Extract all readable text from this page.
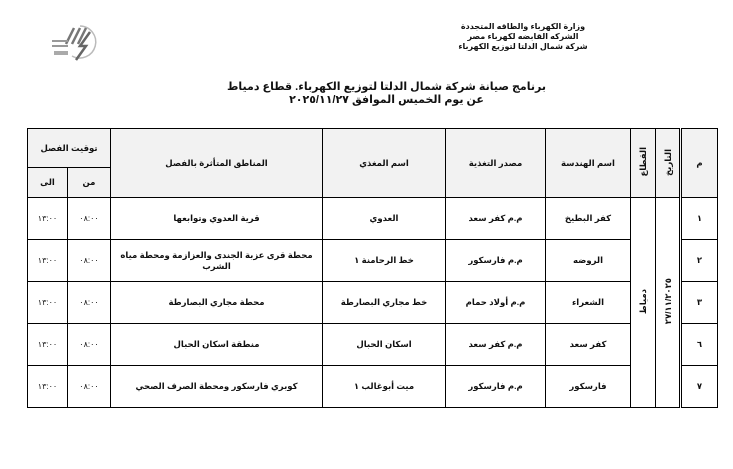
وزارة الكهرباء والطاقه المتجددة
الشركه القابضه لكهرباء مصر
شركة شمال الدلتا لتوزيع الكهرباء
برنامج صيانة شركة شمال الدلتا لتوزيع الكهرباء. قطاع دمياط
عن يوم الخميس الموافق ٢٠٢٥/١١/٢٧
م	التاريخ	القطاع	اسم الهندسة	مصدر التغذية	اسم المغذي	المناطق المتأثرة بالفصل	توقيت الفصل	
							من	الى
١	٢٧/١١/٢٠٢٥	دمياط	كفر البطيخ	م.م كفر سعد	العدوي	قرية العدوي وتوابعها	٠٨:٠٠	١٣:٠٠
٢			الروضه	م.م فارسكور	خط الرحامنة ١	محطة قرى عزبة الجندى والعزازمة ومحطة مياه الشرب	٠٨:٠٠	١٣:٠٠
٣			الشعراء	م.م أولاد حمام	خط مجاري البصارطة	محطة مجاري البصارطة	٠٨:٠٠	١٣:٠٠
٦			كفر سعد	م.م كفر سعد	اسكان الحبال	منطقة اسكان الحبال	٠٨:٠٠	١٣:٠٠
٧			فارسكور	م.م فارسكور	ميت أبوغالب ١	كوبري فارسكور ومحطة الصرف الصحي	٠٨:٠٠	١٣:٠٠
